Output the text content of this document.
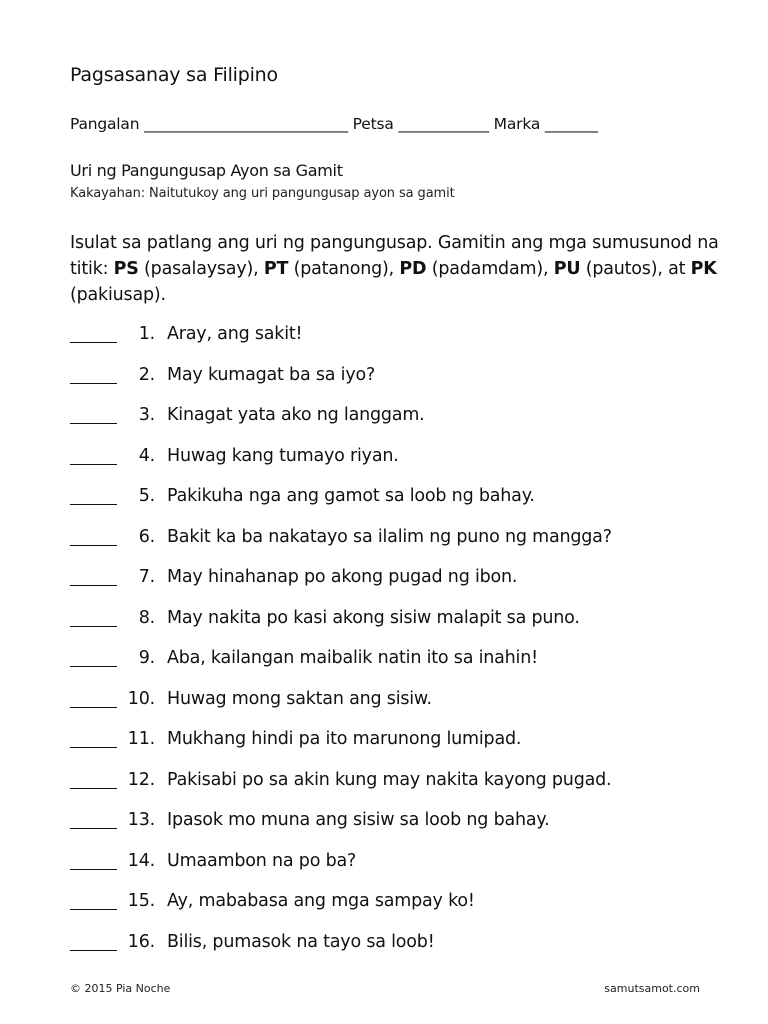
Pagsasanay sa Filipino
Pangalan ___________________________ Petsa ____________ Marka _______
Uri ng Pangungusap Ayon sa Gamit
Kakayahan: Naitutukoy ang uri pangungusap ayon sa gamit
Isulat sa patlang ang uri ng pangungusap. Gamitin ang mga sumusunod na titik: PS (pasalaysay), PT (patanong), PD (padamdam), PU (pautos), at PK (pakiusap).
1. Aray, ang sakit!
2. May kumagat ba sa iyo?
3. Kinagat yata ako ng langgam.
4. Huwag kang tumayo riyan.
5. Pakikuha nga ang gamot sa loob ng bahay.
6. Bakit ka ba nakatayo sa ilalim ng puno ng mangga?
7. May hinahanap po akong pugad ng ibon.
8. May nakita po kasi akong sisiw malapit sa puno.
9. Aba, kailangan maibalik natin ito sa inahin!
10. Huwag mong saktan ang sisiw.
11. Mukhang hindi pa ito marunong lumipad.
12. Pakisabi po sa akin kung may nakita kayong pugad.
13. Ipasok mo muna ang sisiw sa loob ng bahay.
14. Umaambon na po ba?
15. Ay, mababasa ang mga sampay ko!
16. Bilis, pumasok na tayo sa loob!
© 2015 Pia Noche	samutsamot.com
